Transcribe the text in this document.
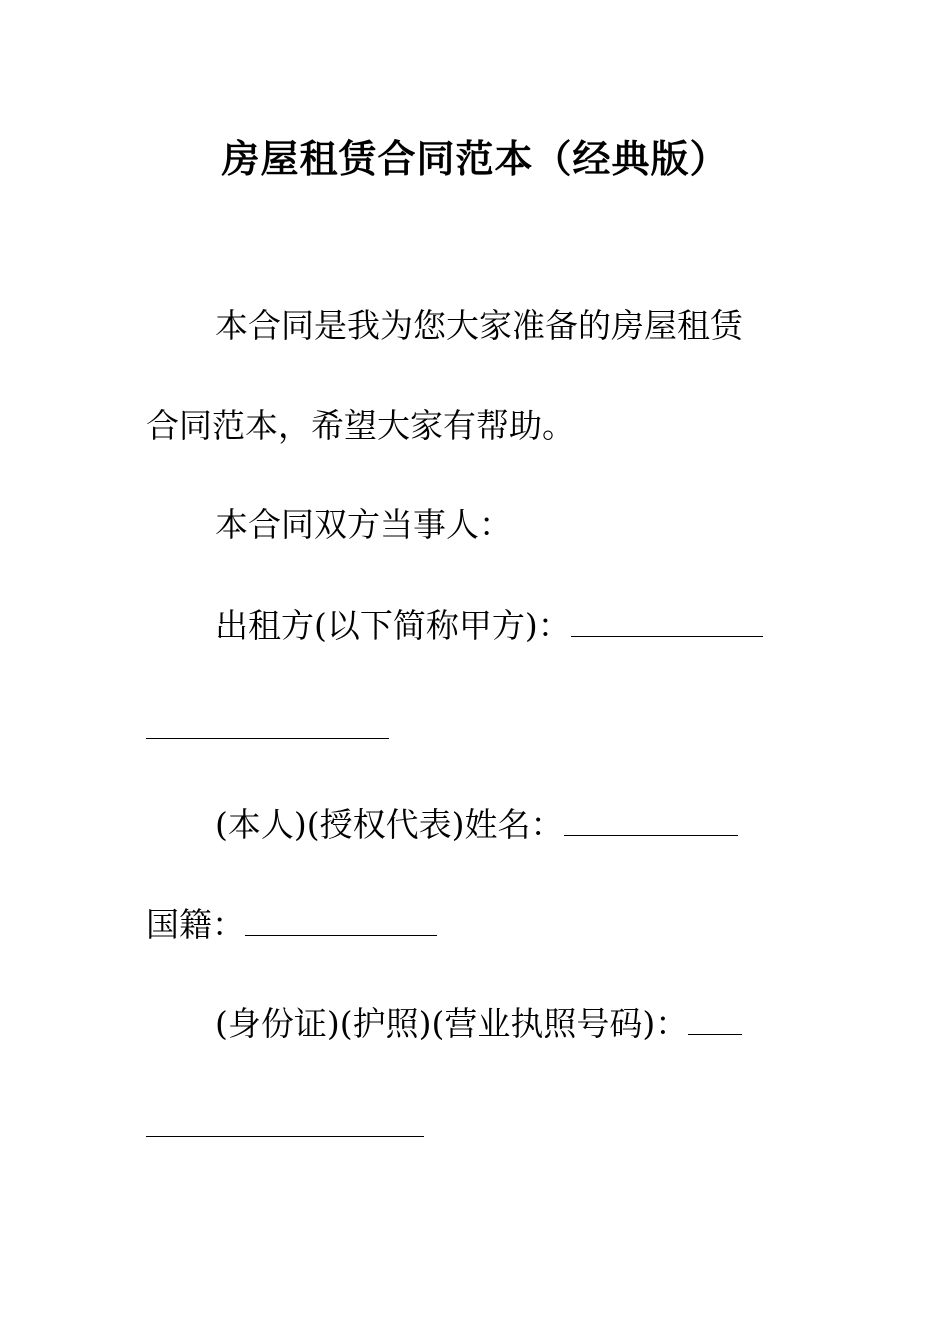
房屋租赁合同范本（经典版）
本合同是我为您大家准备的房屋租赁
合同范本，希望大家有帮助。
本合同双方当事人：
出租方(以下简称甲方)：
(本人)(授权代表)姓名：
国籍：
(身份证)(护照)(营业执照号码)：
